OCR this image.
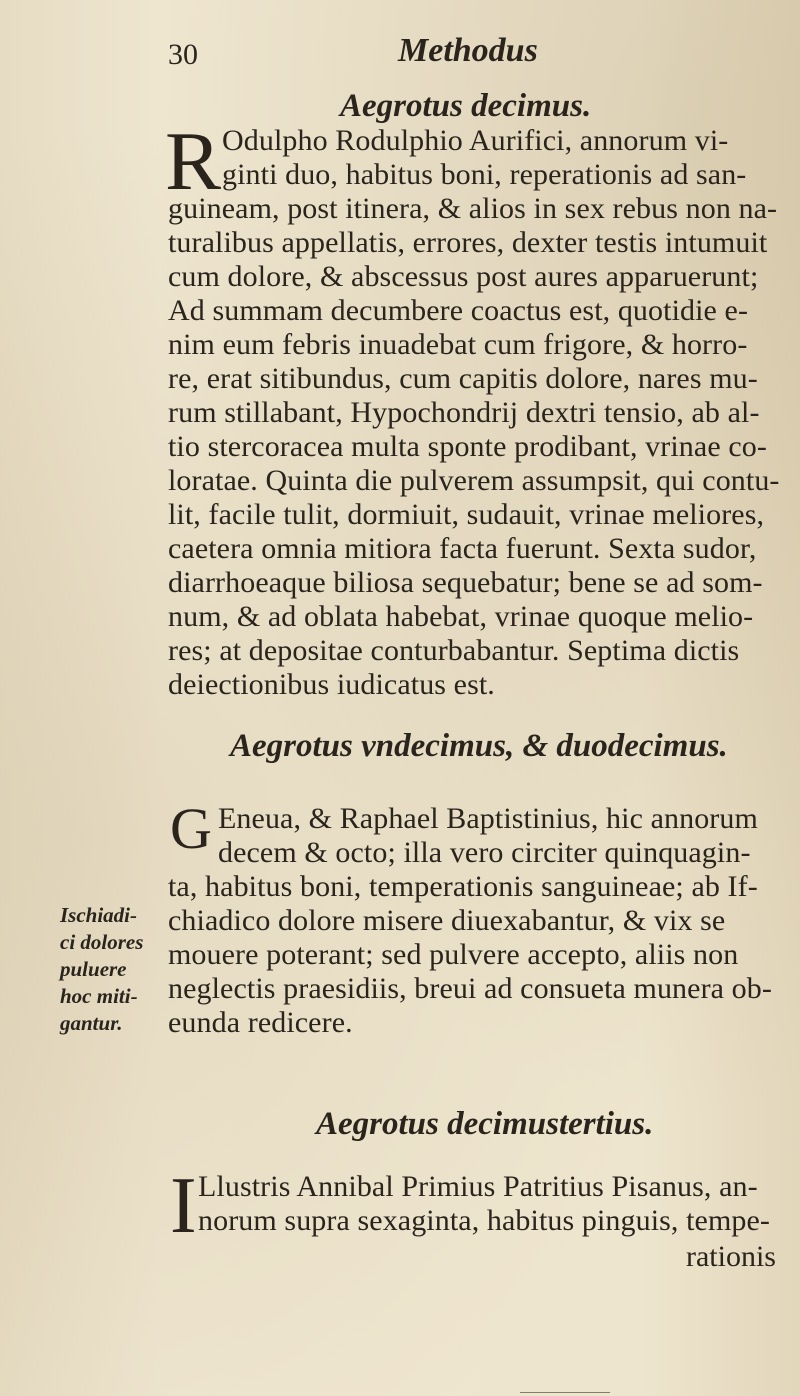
30	Methodus
Aegrotus decimus.
R Odulpho Rodulphio Aurifici, annorum vi-
ginti duo, habitus boni, reperationis ad san-
guineam, post itinera, & alios in sex rebus non na-
turalibus appellatis, errores, dexter testis intumuit
cum dolore, & abscessus post aures apparuerunt;
Ad summam decumbere coactus est, quotidie e-
nim eum febris inuadebat cum frigore, & horro-
re, erat sitibundus, cum capitis dolore, nares mu-
rum stillabant, Hypochondrij dextri tensio, ab al-
tio stercoracea multa sponte prodibant, vrinae co-
loratae. Quinta die pulverem assumpsit, qui contu-
lit, facile tulit, dormiuit, sudauit, vrinae meliores,
caetera omnia mitiora facta fuerunt. Sexta sudor,
diarrhoeaque biliosa sequebatur; bene se ad som-
num, & ad oblata habebat, vrinae quoque melio-
res; at depositae conturbabantur. Septima dictis
deiectionibus iudicatus est.
Aegrotus vndecimus, & duodecimus.
G Eneua, & Raphael Baptistinius, hic annorum
decem & octo; illa vero circiter quinquagin-
ta, habitus boni, temperationis sanguineae; ab If-
chiadico dolore misere diuexabantur, & vix se
mouere poterant; sed pulvere accepto, aliis non
neglectis praesidiis, breui ad consueta munera ob-
eunda redicere.
Ischiadi-
ci dolores
puluere
hoc miti-
gantur.
Aegrotus decimustertius.
I Llustris Annibal Primius Patritius Pisanus, an-
norum supra sexaginta, habitus pinguis, tempe-
rationis
